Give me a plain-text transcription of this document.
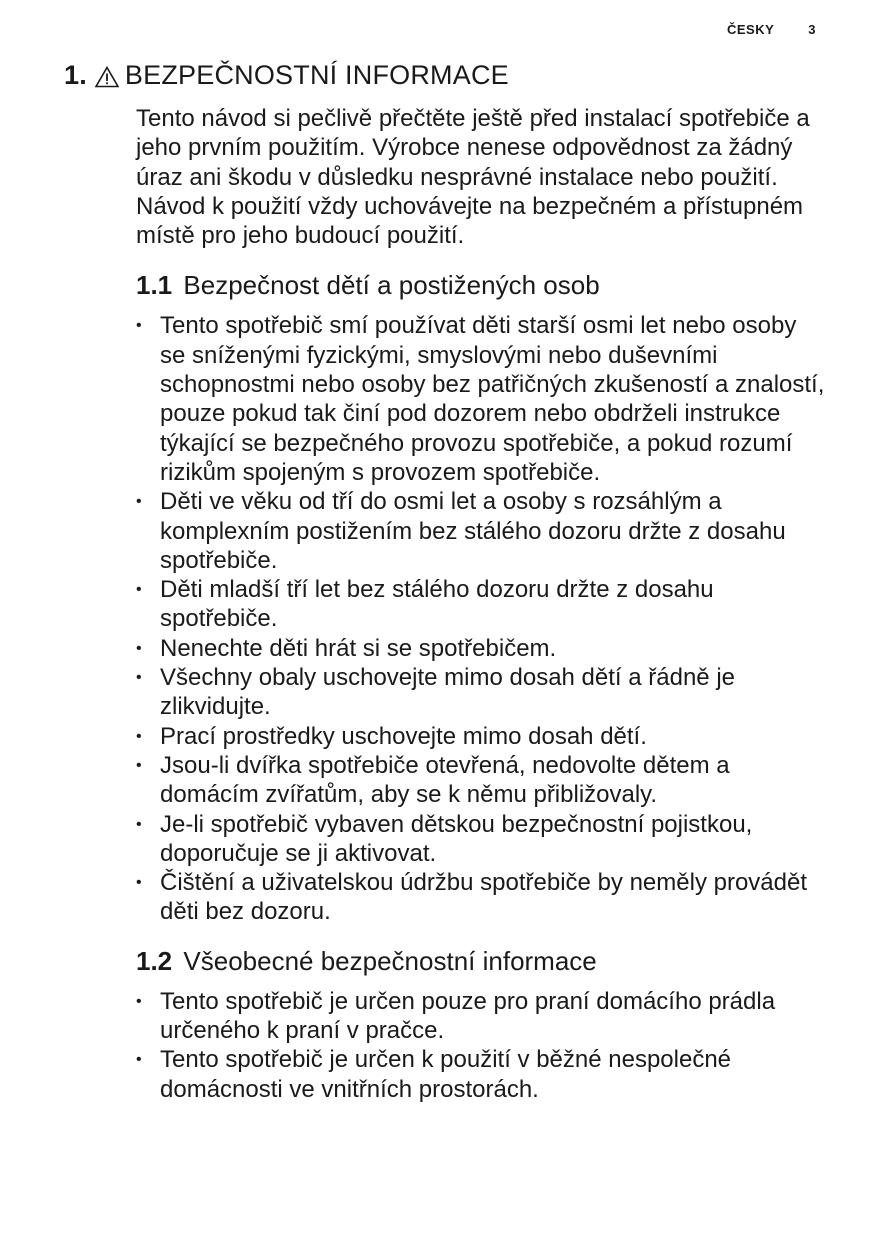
ČESKY	3
1. BEZPEČNOSTNÍ INFORMACE

Tento návod si pečlivě přečtěte ještě před instalací spotřebiče a jeho prvním použitím. Výrobce nenese odpovědnost za žádný úraz ani škodu v důsledku nesprávné instalace nebo použití. Návod k použití vždy uchovávejte na bezpečném a přístupném místě pro jeho budoucí použití.

1.1 Bezpečnost dětí a postižených osob
• Tento spotřebič smí používat děti starší osmi let nebo osoby se sníženými fyzickými, smyslovými nebo duševními schopnostmi nebo osoby bez patřičných zkušeností a znalostí, pouze pokud tak činí pod dozorem nebo obdrželi instrukce týkající se bezpečného provozu spotřebiče, a pokud rozumí rizikům spojeným s provozem spotřebiče.
• Děti ve věku od tří do osmi let a osoby s rozsáhlým a komplexním postižením bez stálého dozoru držte z dosahu spotřebiče.
• Děti mladší tří let bez stálého dozoru držte z dosahu spotřebiče.
• Nenechte děti hrát si se spotřebičem.
• Všechny obaly uschovejte mimo dosah dětí a řádně je zlikvidujte.
• Prací prostředky uschovejte mimo dosah dětí.
• Jsou-li dvířka spotřebiče otevřená, nedovolte dětem a domácím zvířatům, aby se k němu přibližovaly.
• Je-li spotřebič vybaven dětskou bezpečnostní pojistkou, doporučuje se ji aktivovat.
• Čištění a uživatelskou údržbu spotřebiče by neměly provádět děti bez dozoru.
1.2 Všeobecné bezpečnostní informace
• Tento spotřebič je určen pouze pro praní domácího prádla určeného k praní v pračce.
• Tento spotřebič je určen k použití v běžné nespolečné domácnosti ve vnitřních prostorách.
